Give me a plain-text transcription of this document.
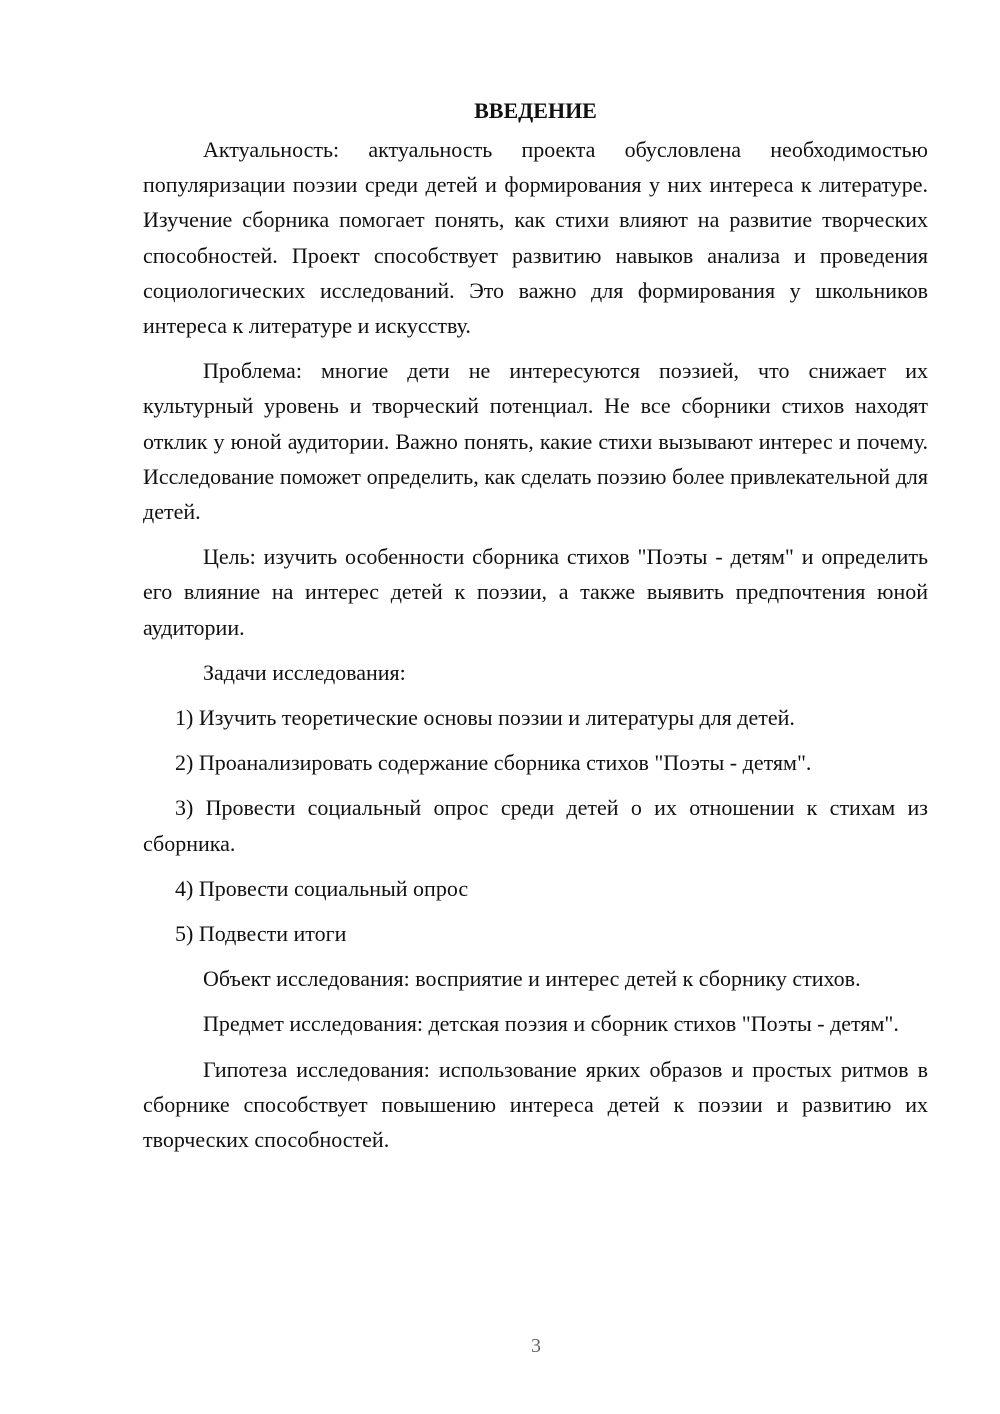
ВВЕДЕНИЕ

Актуальность: актуальность проекта обусловлена необходимостью популяризации поэзии среди детей и формирования у них интереса к литературе. Изучение сборника помогает понять, как стихи влияют на развитие творческих способностей. Проект способствует развитию навыков анализа и проведения социологических исследований. Это важно для формирования у школьников интереса к литературе и искусству.

Проблема: многие дети не интересуются поэзией, что снижает их культурный уровень и творческий потенциал. Не все сборники стихов находят отклик у юной аудитории. Важно понять, какие стихи вызывают интерес и почему. Исследование поможет определить, как сделать поэзию более привлекательной для детей.

Цель: изучить особенности сборника стихов "Поэты - детям" и определить его влияние на интерес детей к поэзии, а также выявить предпочтения юной аудитории.

Задачи исследования:

1) Изучить теоретические основы поэзии и литературы для детей.

2) Проанализировать содержание сборника стихов "Поэты - детям".

3) Провести социальный опрос среди детей о их отношении к стихам из сборника.

4) Провести социальный опрос

5) Подвести итоги

Объект исследования: восприятие и интерес детей к сборнику стихов.

Предмет исследования: детская поэзия и сборник стихов "Поэты - детям".

Гипотеза исследования: использование ярких образов и простых ритмов в сборнике способствует повышению интереса детей к поэзии и развитию их творческих способностей.

3
